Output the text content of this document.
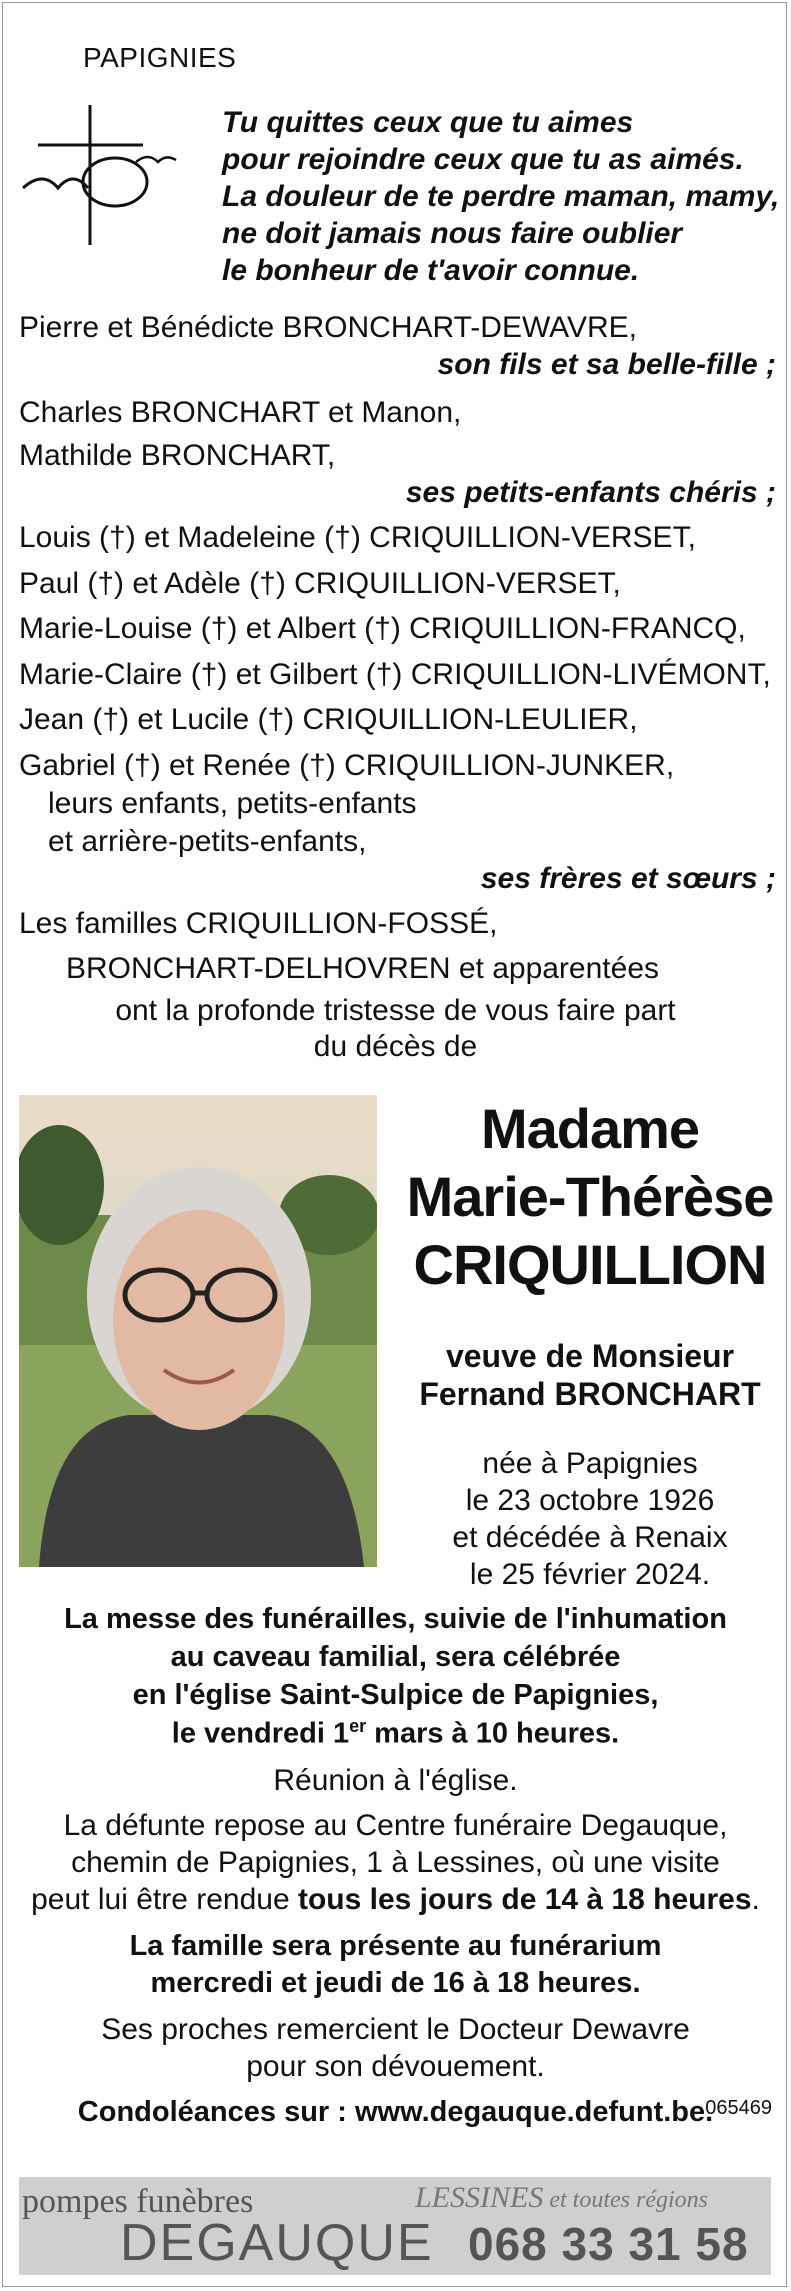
PAPIGNIES
Tu quittes ceux que tu aimes
pour rejoindre ceux que tu as aimés.
La douleur de te perdre maman, mamy,
ne doit jamais nous faire oublier
le bonheur de t'avoir connue.
Pierre et Bénédicte BRONCHART-DEWAVRE,
son fils et sa belle-fille ;
Charles BRONCHART et Manon,
Mathilde BRONCHART,
ses petits-enfants chéris ;
Louis (†) et Madeleine (†) CRIQUILLION-VERSET,
Paul (†) et Adèle (†) CRIQUILLION-VERSET,
Marie-Louise (†) et Albert (†) CRIQUILLION-FRANCQ,
Marie-Claire (†) et Gilbert (†) CRIQUILLION-LIVÉMONT,
Jean (†) et Lucile (†) CRIQUILLION-LEULIER,
Gabriel (†) et Renée (†) CRIQUILLION-JUNKER,
leurs enfants, petits-enfants
et arrière-petits-enfants,
ses frères et sœurs ;
Les familles CRIQUILLION-FOSSÉ,
BRONCHART-DELHOVREN et apparentées
ont la profonde tristesse de vous faire part
du décès de
Madame
Marie-Thérèse
CRIQUILLION
veuve de Monsieur
Fernand BRONCHART
née à Papignies
le 23 octobre 1926
et décédée à Renaix
le 25 février 2024.
La messe des funérailles, suivie de l'inhumation
au caveau familial, sera célébrée
en l'église Saint-Sulpice de Papignies,
le vendredi 1er mars à 10 heures.
Réunion à l'église.
La défunte repose au Centre funéraire Degauque,
chemin de Papignies, 1 à Lessines, où une visite
peut lui être rendue tous les jours de 14 à 18 heures.
La famille sera présente au funérarium
mercredi et jeudi de 16 à 18 heures.
Ses proches remercient le Docteur Dewavre
pour son dévouement.
Condoléances sur : www.degauque.defunt.be.
065469
pompes funèbres
DEGAUQUE
LESSINES et toutes régions
068 33 31 58
